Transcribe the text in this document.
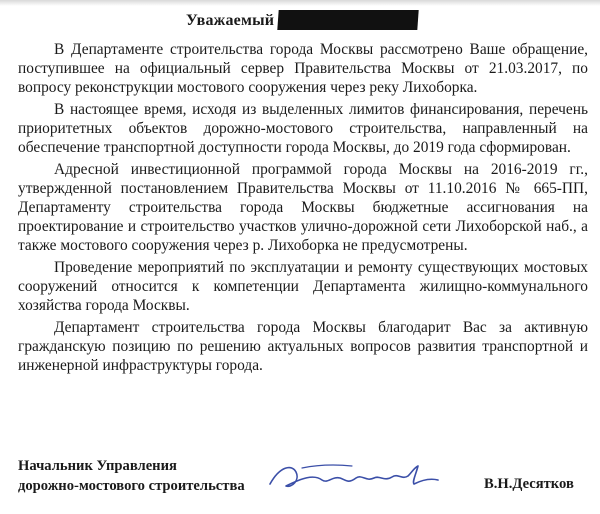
Уважаемый

В Департаменте строительства города Москвы рассмотрено Ваше обращение, поступившее на официальный сервер Правительства Москвы от 21.03.2017, по вопросу реконструкции мостового сооружения через реку Лихоборка.

В настоящее время, исходя из выделенных лимитов финансирования, перечень приоритетных объектов дорожно-мостового строительства, направленный на обеспечение транспортной доступности города Москвы, до 2019 года сформирован.

Адресной инвестиционной программой города Москвы на 2016-2019 гг., утвержденной постановлением Правительства Москвы от 11.10.2016 № 665-ПП, Департаменту строительства города Москвы бюджетные ассигнования на проектирование и строительство участков улично-дорожной сети Лихоборской наб., а также мостового сооружения через р. Лихоборка не предусмотрены.

Проведение мероприятий по эксплуатации и ремонту существующих мостовых сооружений относится к компетенции Департамента жилищно-коммунального хозяйства города Москвы.

Департамент строительства города Москвы благодарит Вас за активную гражданскую позицию по решению актуальных вопросов развития транспортной и инженерной инфраструктуры города.

Начальник Управления
дорожно-мостового строительства	В.Н.Десятков
